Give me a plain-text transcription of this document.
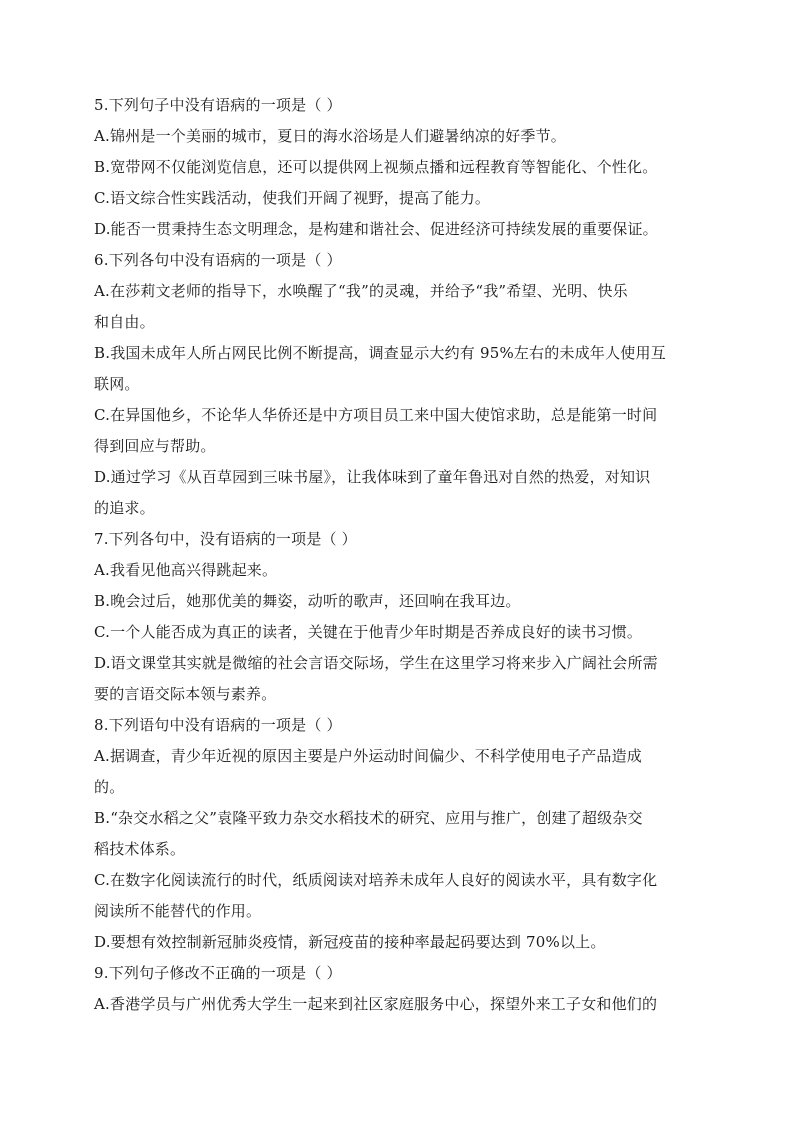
5.下列句子中没有语病的一项是（ ）
A.锦州是一个美丽的城市，夏日的海水浴场是人们避暑纳凉的好季节。
B.宽带网不仅能浏览信息，还可以提供网上视频点播和远程教育等智能化、个性化。
C.语文综合性实践活动，使我们开阔了视野，提高了能力。
D.能否一贯秉持生态文明理念，是构建和谐社会、促进经济可持续发展的重要保证。
6.下列各句中没有语病的一项是（ ）
A.在莎莉文老师的指导下，水唤醒了“我”的灵魂，并给予“我”希望、光明、快乐
和自由。
B.我国未成年人所占网民比例不断提高，调查显示大约有 95%左右的未成年人使用互
联网。
C.在异国他乡，不论华人华侨还是中方项目员工来中国大使馆求助，总是能第一时间
得到回应与帮助。
D.通过学习《从百草园到三味书屋》，让我体味到了童年鲁迅对自然的热爱，对知识
的追求。
7.下列各句中，没有语病的一项是（ ）
A.我看见他高兴得跳起来。
B.晚会过后，她那优美的舞姿，动听的歌声，还回响在我耳边。
C.一个人能否成为真正的读者，关键在于他青少年时期是否养成良好的读书习惯。
D.语文课堂其实就是微缩的社会言语交际场，学生在这里学习将来步入广阔社会所需
要的言语交际本领与素养。
8.下列语句中没有语病的一项是（ ）
A.据调查，青少年近视的原因主要是户外运动时间偏少、不科学使用电子产品造成
的。
B.“杂交水稻之父”袁隆平致力杂交水稻技术的研究、应用与推广，创建了超级杂交
稻技术体系。
C.在数字化阅读流行的时代，纸质阅读对培养未成年人良好的阅读水平，具有数字化
阅读所不能替代的作用。
D.要想有效控制新冠肺炎疫情，新冠疫苗的接种率最起码要达到 70%以上。
9.下列句子修改不正确的一项是（ ）
A.香港学员与广州优秀大学生一起来到社区家庭服务中心，探望外来工子女和他们的
